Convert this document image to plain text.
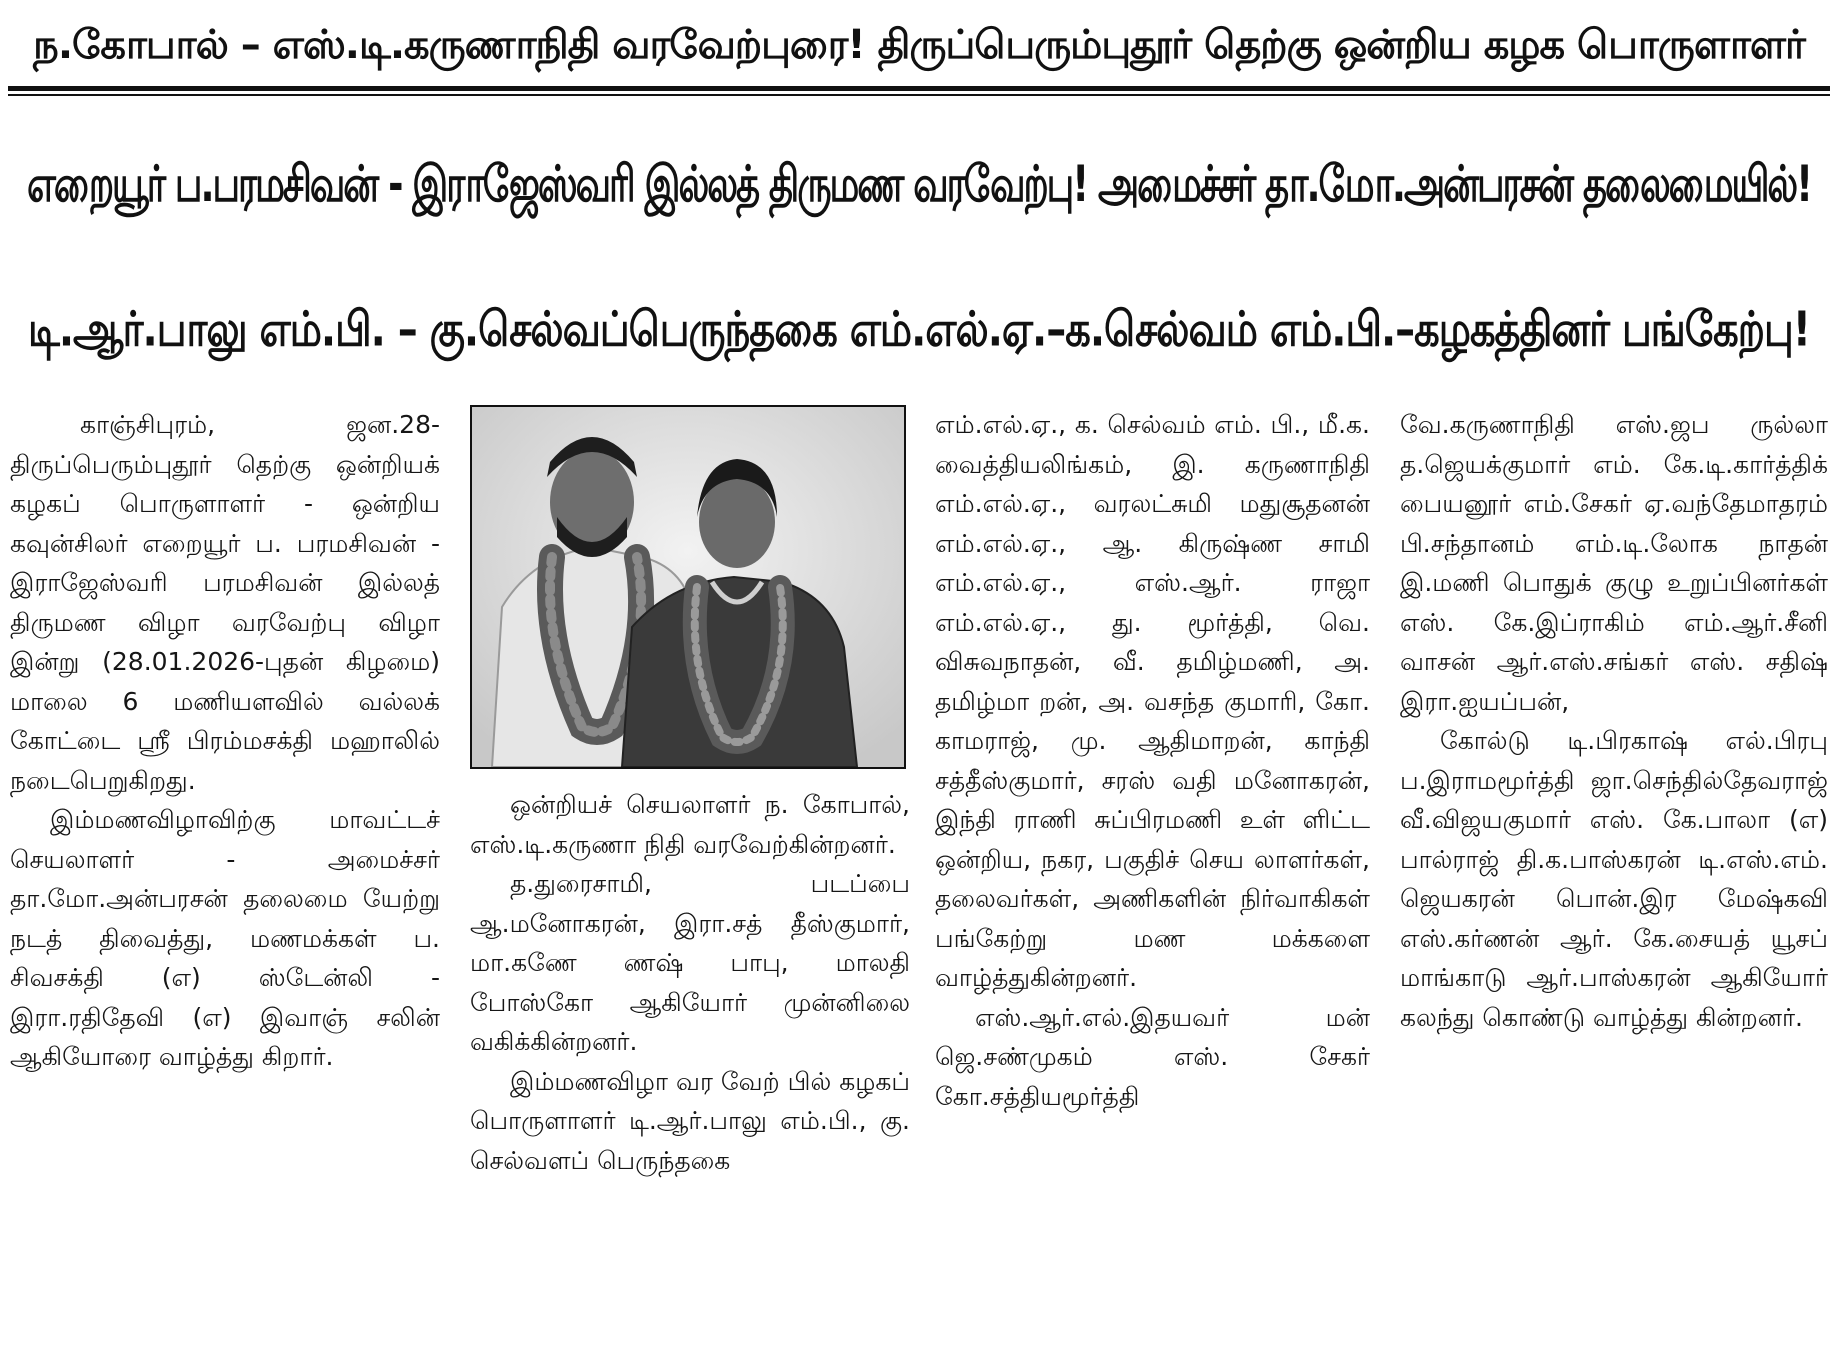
ந.கோபால் – எஸ்.டி.கருணாநிதி வரவேற்புரை! திருப்பெரும்புதூர் தெற்கு ஒன்றிய கழக பொருளாளர்
எறையூர் ப.பரமசிவன் - இராஜேஸ்வரி இல்லத் திருமண வரவேற்பு! அமைச்சர் தா.மோ.அன்பரசன் தலைமையில்!
டி.ஆர்.பாலு எம்.பி. – கு.செல்வப்பெருந்தகை எம்.எல்.ஏ.–க.செல்வம் எம்.பி.–கழகத்தினர் பங்கேற்பு!

காஞ்சிபுரம், ஜன.28- திருப்பெரும்புதூர் தெற்கு ஒன்றியக் கழகப் பொருளாளர் - ஒன்றிய கவுன்சிலர் எறையூர் ப. பரமசிவன் - இராஜேஸ்வரி பரமசிவன் இல்லத் திருமண விழா வரவேற்பு விழா இன்று (28.01.2026-புதன் கிழமை) மாலை 6 மணியளவில் வல்லக் கோட்டை ஸ்ரீ பிரம்மசக்தி மஹாலில் நடைபெறுகிறது.

இம்மணவிழாவிற்கு மாவட்டச் செயலாளர் - அமைச்சர் தா.மோ.அன்பரசன் தலைமை யேற்று நடத் திவைத்து, மணமக்கள் ப. சிவசக்தி (எ) ஸ்டேன்லி - இரா.ரதிதேவி (எ) இவாஞ் சலின் ஆகியோரை வாழ்த்து கிறார்.

ஒன்றியச் செயலாளர் ந. கோபால், எஸ்.டி.கருணா நிதி வரவேற்கின்றனர்.

த.துரைசாமி, படப்பை ஆ.மனோகரன், இரா.சத் தீஸ்குமார், மா.கணே ணஷ் பாபு, மாலதி போஸ்கோ ஆகியோர் முன்னிலை வகிக்கின்றனர்.

இம்மணவிழா வர வேற் பில் கழகப் பொருளாளர் டி.ஆர்.பாலு எம்.பி., கு. செல்வளப் பெருந்தகை

எம்.எல்.ஏ., க. செல்வம் எம். பி., மீ.க. வைத்தியலிங்கம், இ. கருணாநிதி எம்.எல்.ஏ., வரலட்சுமி மதுசூதனன் எம்.எல்.ஏ., ஆ. கிருஷ்ண சாமி எம்.எல்.ஏ., எஸ்.ஆர். ராஜா எம்.எல்.ஏ., து. மூர்த்தி, வெ. விசுவநாதன், வீ. தமிழ்மணி, அ. தமிழ்மா றன், அ. வசந்த குமாரி, கோ. காமராஜ், மு. ஆதிமாறன், காந்தி சத்தீஸ்குமார், சரஸ் வதி மனோகரன், இந்தி ராணி சுப்பிரமணி உள் ளிட்ட ஒன்றிய, நகர, பகுதிச் செய லாளர்கள், தலைவர்கள், அணிகளின் நிர்வாகிகள் பங்கேற்று மண மக்களை வாழ்த்துகின்றனர்.

எஸ்.ஆர்.எல்.இதயவர் மன் ஜெ.சண்முகம் எஸ். சேகர் கோ.சத்தியமூர்த்தி

வே.கருணாநிதி எஸ்.ஜப ருல்லா த.ஜெயக்குமார் எம். கே.டி.கார்த்திக் பையனூர் எம்.சேகர் ஏ.வந்தேமாதரம் பி.சந்தானம் எம்.டி.லோக நாதன் இ.மணி பொதுக் குழு உறுப்பினர்கள் எஸ். கே.இப்ராகிம் எம்.ஆர்.சீனி வாசன் ஆர்.எஸ்.சங்கர் எஸ். சதிஷ் இரா.ஐயப்பன்,

கோல்டு டி.பிரகாஷ் எல்.பிரபு ப.இராமமூர்த்தி ஜா.செந்தில்தேவராஜ் வீ.விஜயகுமார் எஸ். கே.பாலா (எ) பால்ராஜ் தி.க.பாஸ்கரன் டி.எஸ்.எம். ஜெயகரன் பொன்.இர மேஷ்கவி எஸ்.கர்ணன் ஆர். கே.சையத் யூசப் மாங்காடு ஆர்.பாஸ்கரன் ஆகியோர் கலந்து கொண்டு வாழ்த்து கின்றனர்.
